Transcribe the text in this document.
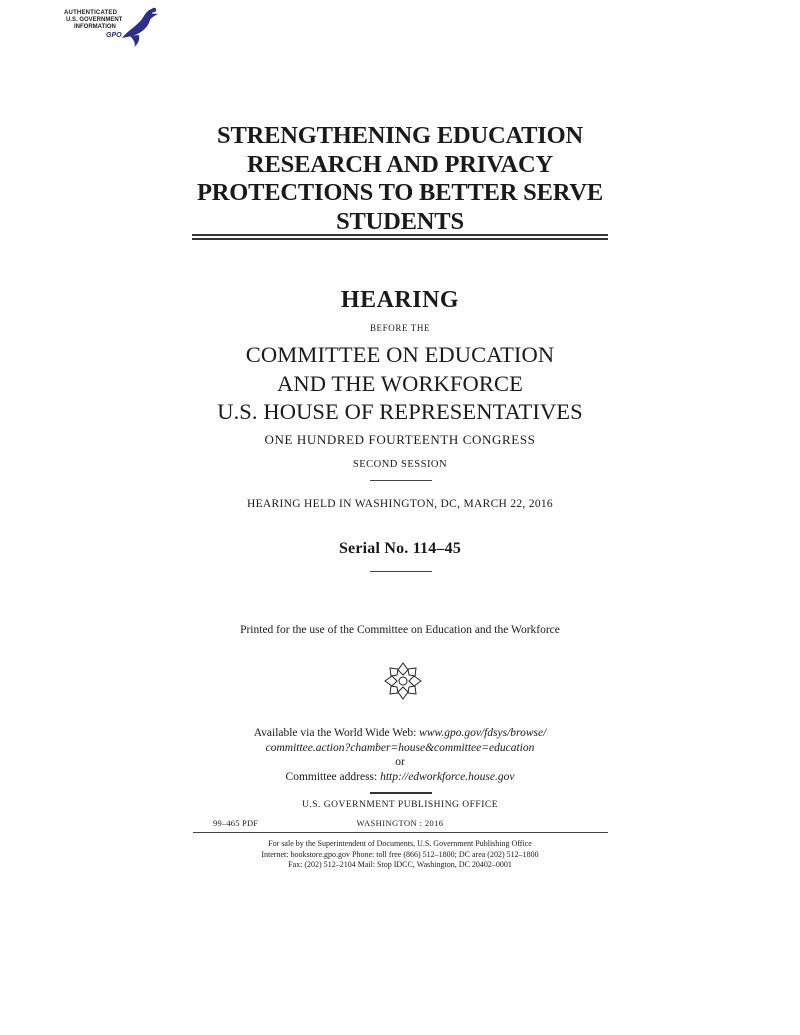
AUTHENTICATED
U.S. GOVERNMENT
INFORMATION
GPO
STRENGTHENING EDUCATION
RESEARCH AND PRIVACY
PROTECTIONS TO BETTER SERVE
STUDENTS
HEARING
BEFORE THE
COMMITTEE ON EDUCATION
AND THE WORKFORCE
U.S. HOUSE OF REPRESENTATIVES
ONE HUNDRED FOURTEENTH CONGRESS
SECOND SESSION
HEARING HELD IN WASHINGTON, DC, MARCH 22, 2016
Serial No. 114–45
Printed for the use of the Committee on Education and the Workforce
Available via the World Wide Web: www.gpo.gov/fdsys/browse/
committee.action?chamber=house&committee=education
or
Committee address: http://edworkforce.house.gov
U.S. GOVERNMENT PUBLISHING OFFICE
99–465 PDF	WASHINGTON : 2016
For sale by the Superintendent of Documents, U.S. Government Publishing Office
Internet: bookstore.gpo.gov Phone: toll free (866) 512–1800; DC area (202) 512–1800
Fax: (202) 512–2104 Mail: Stop IDCC, Washington, DC 20402–0001
